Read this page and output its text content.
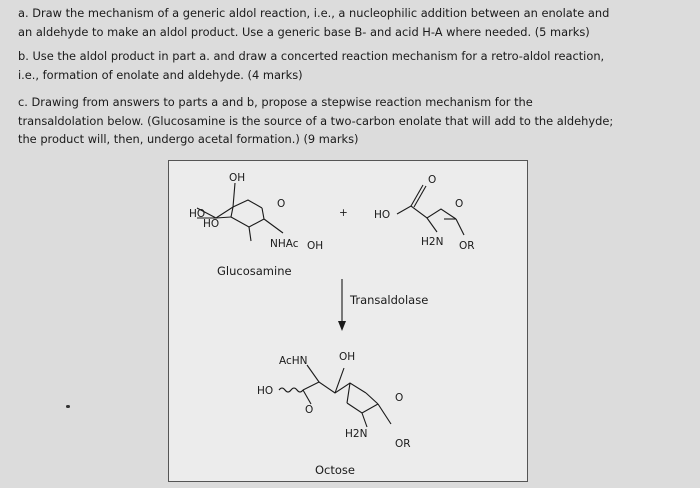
a. Draw the mechanism of a generic aldol reaction, i.e., a nucleophilic addition between an enolate and
an aldehyde to make an aldol product. Use a generic base B- and acid H-A where needed. (5 marks)
b. Use the aldol product in part a. and draw a concerted reaction mechanism for a retro-aldol reaction,
i.e., formation of enolate and aldehyde. (4 marks)
c. Drawing from answers to parts a and b, propose a stepwise reaction mechanism for the
transaldolation below. (Glucosamine is the source of a two-carbon enolate that will add to the aldehyde;
the product will, then, undergo acetal formation.) (9 marks)
OH
O
HO
HO
NHAc OH
Glucosamine
+
O
O
HO
H2N OR
Transaldolase
AcHN	OH
HO
O
O
H2N
OR
Octose
